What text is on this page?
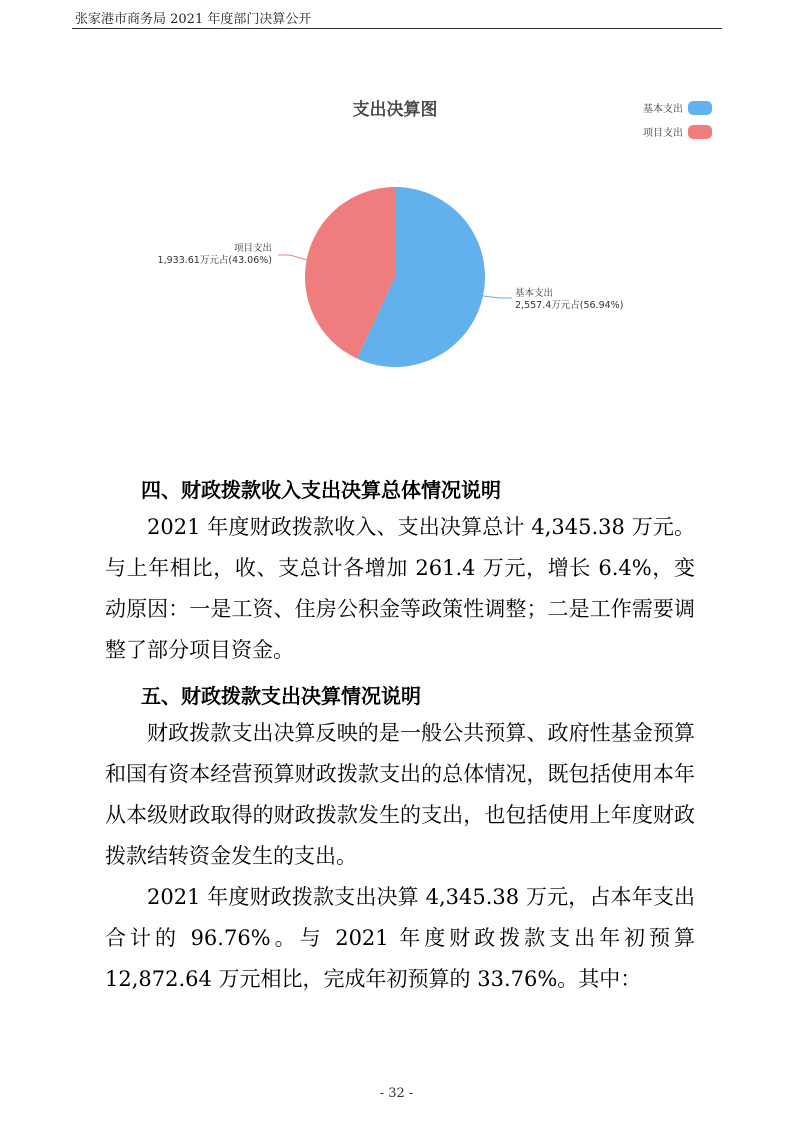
张家港市商务局 2021 年度部门决算公开
支出决算图	基本支出
项目支出
基本支出
2,557.4万元占(56.94%)
项目支出
1,933.61万元占(43.06%)
四、财政拨款收入支出决算总体情况说明
2021 年度财政拨款收入、支出决算总计 4,345.38 万元。与上年相比，收、支总计各增加 261.4 万元，增长 6.4%，变动原因：一是工资、住房公积金等政策性调整；二是工作需要调整了部分项目资金。
五、财政拨款支出决算情况说明
财政拨款支出决算反映的是一般公共预算、政府性基金预算和国有资本经营预算财政拨款支出的总体情况，既包括使用本年从本级财政取得的财政拨款发生的支出，也包括使用上年度财政拨款结转资金发生的支出。
2021 年度财政拨款支出决算 4,345.38 万元，占本年支出合计的 96.76%。与 2021 年度财政拨款支出年初预算 12,872.64 万元相比，完成年初预算的 33.76%。其中：
- 32 -
